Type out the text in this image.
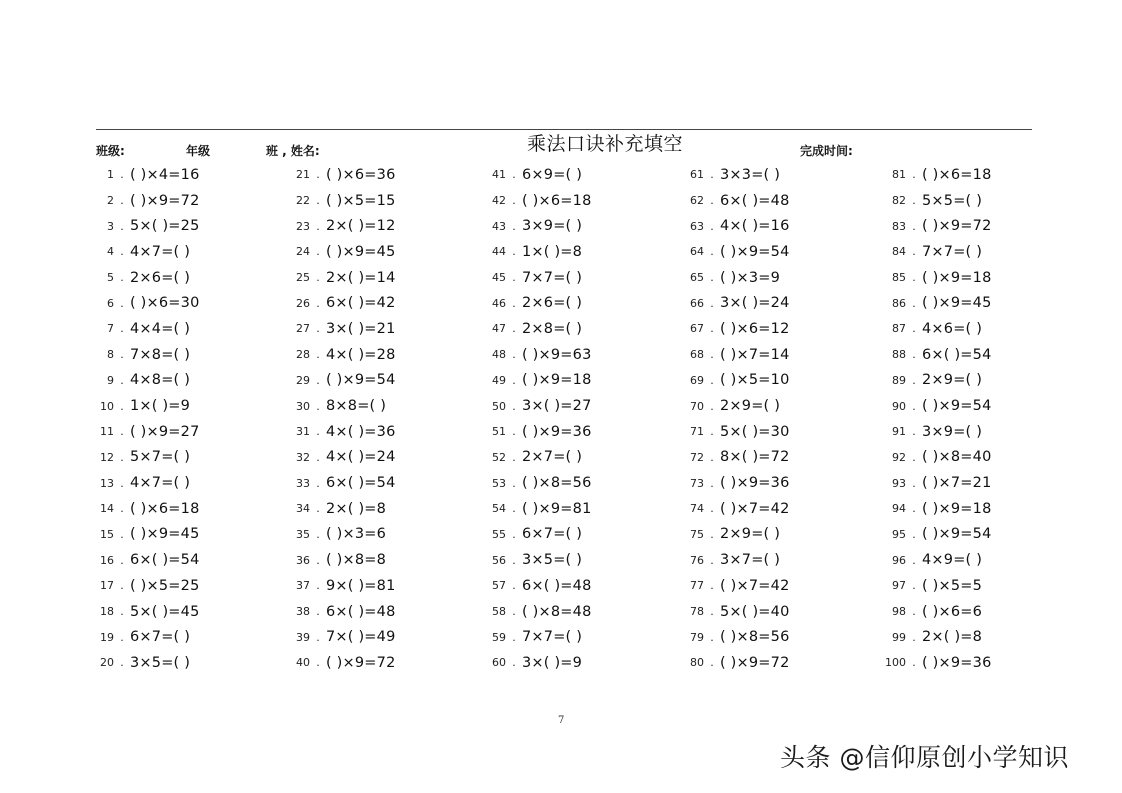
班级:	年级	班 , 姓名:	乘法口诀补充填空	完成时间:
1 . ( )×4=16
2 . ( )×9=72
3 . 5×( )=25
4 . 4×7=( )
5 . 2×6=( )
6 . ( )×6=30
7 . 4×4=( )
8 . 7×8=( )
9 . 4×8=( )
10 . 1×( )=9
11 . ( )×9=27
12 . 5×7=( )
13 . 4×7=( )
14 . ( )×6=18
15 . ( )×9=45
16 . 6×( )=54
17 . ( )×5=25
18 . 5×( )=45
19 . 6×7=( )
20 . 3×5=( )
21 . ( )×6=36
22 . ( )×5=15
23 . 2×( )=12
24 . ( )×9=45
25 . 2×( )=14
26 . 6×( )=42
27 . 3×( )=21
28 . 4×( )=28
29 . ( )×9=54
30 . 8×8=( )
31 . 4×( )=36
32 . 4×( )=24
33 . 6×( )=54
34 . 2×( )=8
35 . ( )×3=6
36 . ( )×8=8
37 . 9×( )=81
38 . 6×( )=48
39 . 7×( )=49
40 . ( )×9=72
41 . 6×9=( )
42 . ( )×6=18
43 . 3×9=( )
44 . 1×( )=8
45 . 7×7=( )
46 . 2×6=( )
47 . 2×8=( )
48 . ( )×9=63
49 . ( )×9=18
50 . 3×( )=27
51 . ( )×9=36
52 . 2×7=( )
53 . ( )×8=56
54 . ( )×9=81
55 . 6×7=( )
56 . 3×5=( )
57 . 6×( )=48
58 . ( )×8=48
59 . 7×7=( )
60 . 3×( )=9
61 . 3×3=( )
62 . 6×( )=48
63 . 4×( )=16
64 . ( )×9=54
65 . ( )×3=9
66 . 3×( )=24
67 . ( )×6=12
68 . ( )×7=14
69 . ( )×5=10
70 . 2×9=( )
71 . 5×( )=30
72 . 8×( )=72
73 . ( )×9=36
74 . ( )×7=42
75 . 2×9=( )
76 . 3×7=( )
77 . ( )×7=42
78 . 5×( )=40
79 . ( )×8=56
80 . ( )×9=72
81 . ( )×6=18
82 . 5×5=( )
83 . ( )×9=72
84 . 7×7=( )
85 . ( )×9=18
86 . ( )×9=45
87 . 4×6=( )
88 . 6×( )=54
89 . 2×9=( )
90 . ( )×9=54
91 . 3×9=( )
92 . ( )×8=40
93 . ( )×7=21
94 . ( )×9=18
95 . ( )×9=54
96 . 4×9=( )
97 . ( )×5=5
98 . ( )×6=6
99 . 2×( )=8
100 . ( )×9=36
7
头条 @信仰原创小学知识
